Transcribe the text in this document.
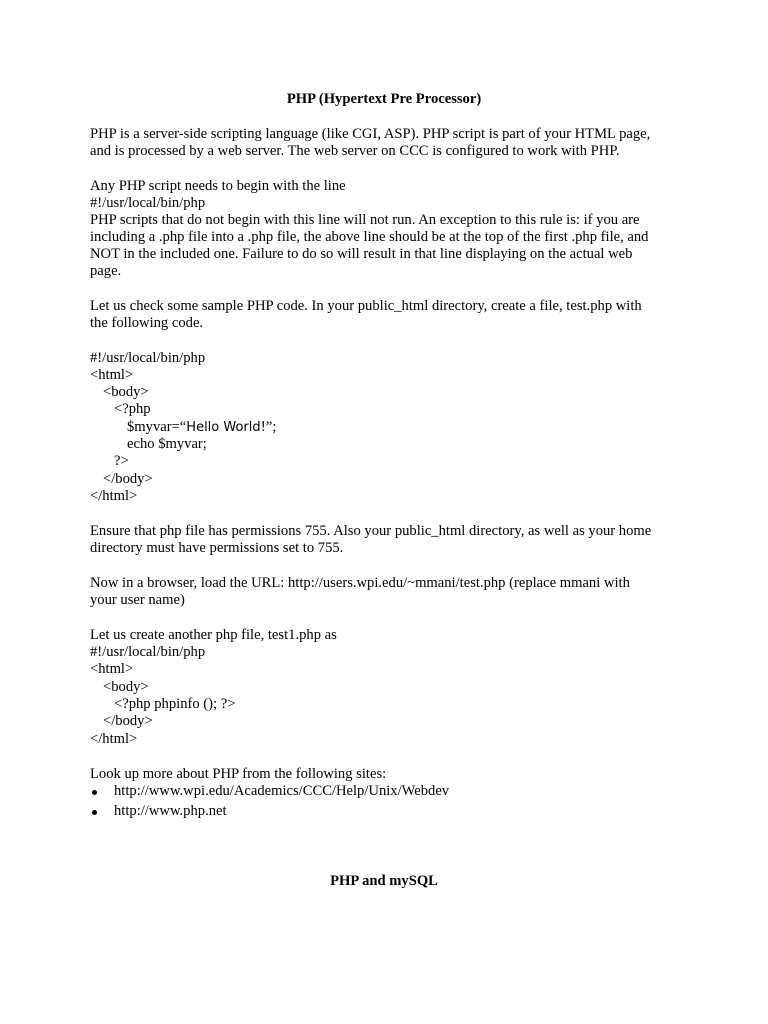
PHP (Hypertext Pre Processor)
PHP is a server-side scripting language (like CGI, ASP). PHP script is part of your HTML page,
and is processed by a web server. The web server on CCC is configured to work with PHP.
Any PHP script needs to begin with the line
#!/usr/local/bin/php
PHP scripts that do not begin with this line will not run. An exception to this rule is: if you are
including a .php file into a .php file, the above line should be at the top of the first .php file, and
NOT in the included one. Failure to do so will result in that line displaying on the actual web
page.
Let us check some sample PHP code. In your public_html directory, create a file, test.php with
the following code.
#!/usr/local/bin/php
<html>
<body>
<?php
$myvar=“Hello World!”;
echo $myvar;
?>
</body>
</html>
Ensure that php file has permissions 755. Also your public_html directory, as well as your home
directory must have permissions set to 755.
Now in a browser, load the URL: http://users.wpi.edu/~mmani/test.php (replace mmani with
your user name)
Let us create another php file, test1.php as
#!/usr/local/bin/php
<html>
<body>
<?php phpinfo (); ?>
</body>
</html>
Look up more about PHP from the following sites:
http://www.wpi.edu/Academics/CCC/Help/Unix/Webdev
http://www.php.net
PHP and mySQL
